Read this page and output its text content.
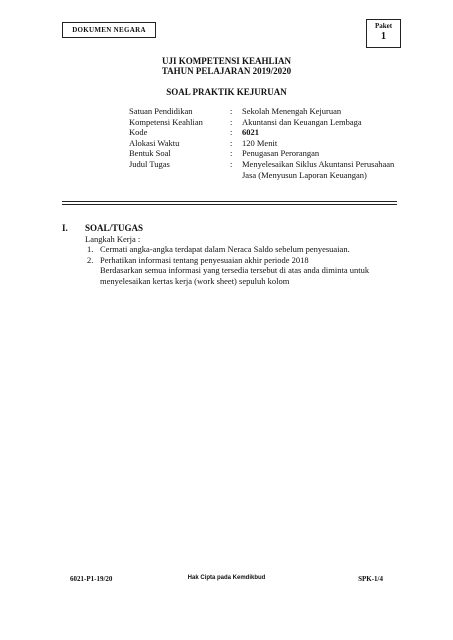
DOKUMEN NEGARA	Paket
1
UJI KOMPETENSI KEAHLIAN
TAHUN PELAJARAN 2019/2020
SOAL PRAKTIK KEJURUAN
Satuan Pendidikan	:	Sekolah Menengah Kejuruan
Kompetensi Keahlian	:	Akuntansi dan Keuangan Lembaga
Kode	:	6021
Alokasi Waktu	:	120 Menit
Bentuk Soal	:	Penugasan Perorangan
Judul Tugas	:	Menyelesaikan Siklus Akuntansi Perusahaan Jasa (Menyusun Laporan Keuangan)
I.	SOAL/TUGAS
Langkah Kerja :
1. Cermati angka-angka terdapat dalam Neraca Saldo sebelum penyesuaian.
2. Perhatikan informasi tentang penyesuaian akhir periode 2018
Berdasarkan semua informasi yang tersedia tersebut di atas anda diminta untuk menyelesaikan kertas kerja (work sheet) sepuluh kolom
6021-P1-19/20	Hak Cipta pada Kemdikbud	SPK-1/4
